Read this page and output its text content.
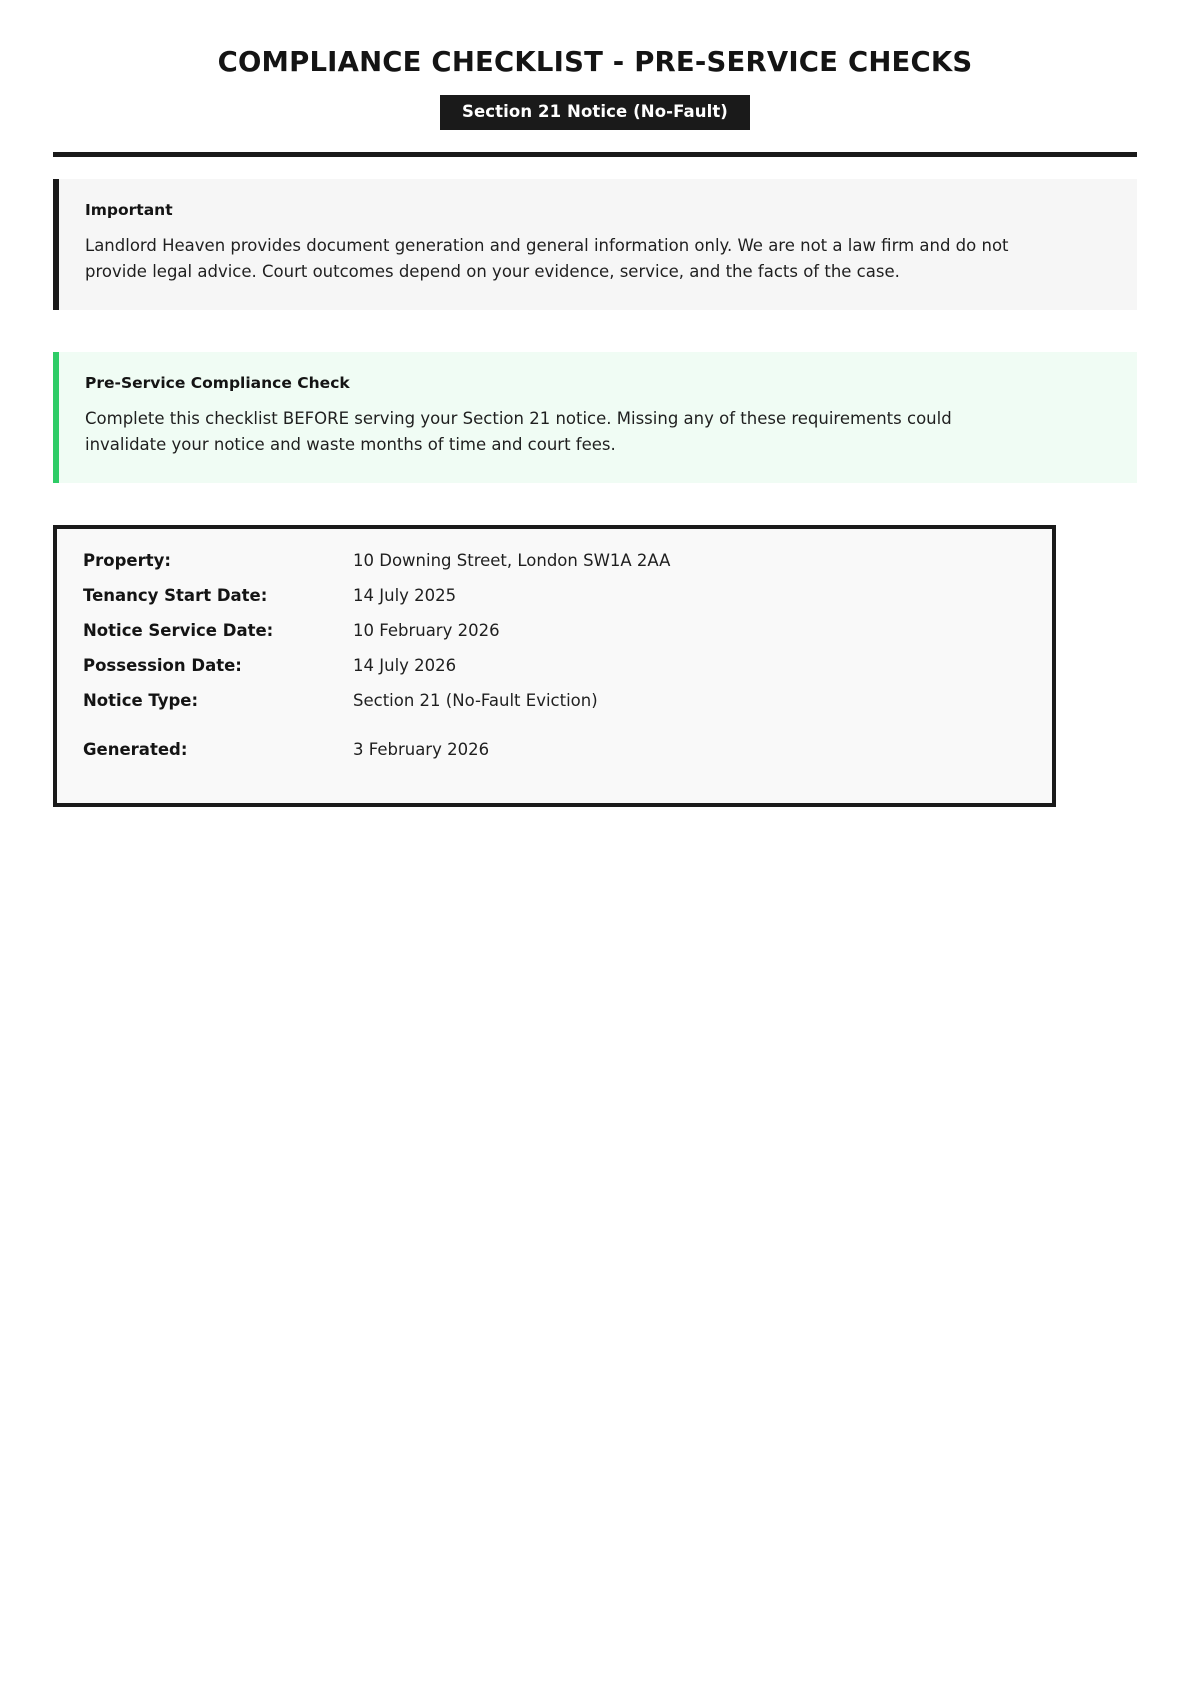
COMPLIANCE CHECKLIST - PRE-SERVICE CHECKS
Section 21 Notice (No-Fault)

Important

Landlord Heaven provides document generation and general information only. We are not a law firm and do not provide legal advice. Court outcomes depend on your evidence, service, and the facts of the case.

Pre-Service Compliance Check

Complete this checklist BEFORE serving your Section 21 notice. Missing any of these requirements could invalidate your notice and waste months of time and court fees.

Property:	10 Downing Street, London SW1A 2AA
Tenancy Start Date:	14 July 2025
Notice Service Date:	10 February 2026
Possession Date:	14 July 2026
Notice Type:	Section 21 (No-Fault Eviction)

Generated:	3 February 2026
